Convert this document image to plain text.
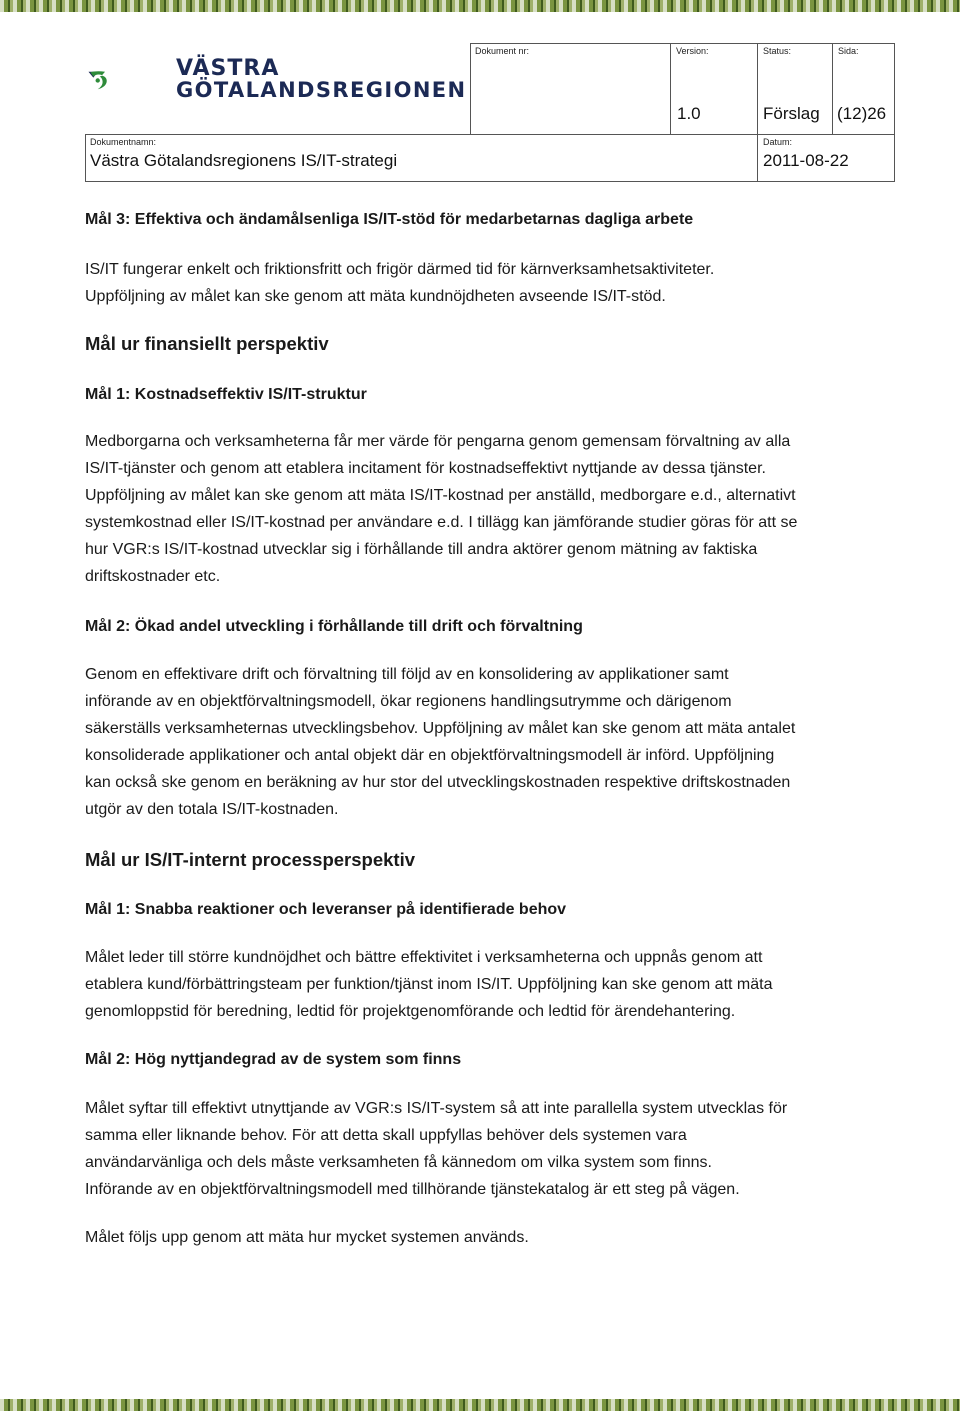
VÄSTRA
GÖTALANDSREGIONEN
Dokument nr:	Version:
1.0
Status:
Förslag
Sida:
(12)26
Dokumentnamn:
Västra Götalandsregionens IS/IT-strategi
Datum:
2011-08-22
Mål 3: Effektiva och ändamålsenliga IS/IT-stöd för medarbetarnas dagliga arbete

IS/IT fungerar enkelt och friktionsfritt och frigör därmed tid för kärnverksamhetsaktiviteter.

Uppföljning av målet kan ske genom att mäta kundnöjdheten avseende IS/IT-stöd.

Mål ur finansiellt perspektiv
Mål 1: Kostnadseffektiv IS/IT-struktur

Medborgarna och verksamheterna får mer värde för pengarna genom gemensam förvaltning av alla

IS/IT-tjänster och genom att etablera incitament för kostnadseffektivt nyttjande av dessa tjänster.

Uppföljning av målet kan ske genom att mäta IS/IT-kostnad per anställd, medborgare e.d., alternativt

systemkostnad eller IS/IT-kostnad per användare e.d. I tillägg kan jämförande studier göras för att se

hur VGR:s IS/IT-kostnad utvecklar sig i förhållande till andra aktörer genom mätning av faktiska

driftskostnader etc.

Mål 2: Ökad andel utveckling i förhållande till drift och förvaltning

Genom en effektivare drift och förvaltning till följd av en konsolidering av applikationer samt

införande av en objektförvaltningsmodell, ökar regionens handlingsutrymme och därigenom

säkerställs verksamheternas utvecklingsbehov. Uppföljning av målet kan ske genom att mäta antalet

konsoliderade applikationer och antal objekt där en objektförvaltningsmodell är införd. Uppföljning

kan också ske genom en beräkning av hur stor del utvecklingskostnaden respektive driftskostnaden

utgör av den totala IS/IT-kostnaden.

Mål ur IS/IT-internt processperspektiv
Mål 1: Snabba reaktioner och leveranser på identifierade behov

Målet leder till större kundnöjdhet och bättre effektivitet i verksamheterna och uppnås genom att

etablera kund/förbättringsteam per funktion/tjänst inom IS/IT. Uppföljning kan ske genom att mäta

genomloppstid för beredning, ledtid för projektgenomförande och ledtid för ärendehantering.

Mål 2: Hög nyttjandegrad av de system som finns

Målet syftar till effektivt utnyttjande av VGR:s IS/IT-system så att inte parallella system utvecklas för

samma eller liknande behov. För att detta skall uppfyllas behöver dels systemen vara

användarvänliga och dels måste verksamheten få kännedom om vilka system som finns.

Införande av en objektförvaltningsmodell med tillhörande tjänstekatalog är ett steg på vägen.

Målet följs upp genom att mäta hur mycket systemen används.
